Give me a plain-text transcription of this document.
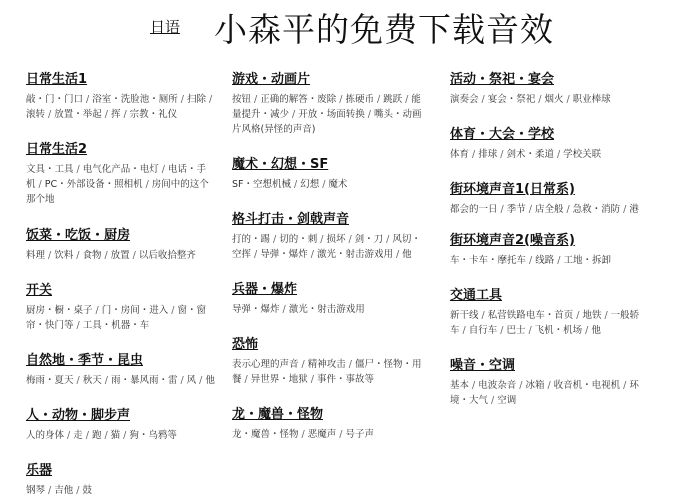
日语 小森平的免费下载音效
日常生活1
敲・门・门口 / 浴室・洗脸池・厕所 / 扫除 /滚转 / 放置・举起 / 挥 / 宗教・礼仪
日常生活2
文具・工具 / 电气化产品・电灯 / 电话・手机 / PC・外部设备・照相机 / 房间中的这个那个地
饭菜・吃饭・厨房
料理 / 饮料 / 食物 / 放置 / 以后收拾整齐
开关
厨房・橱・桌子 / 门・房间・进入 / 窗・窗帘・快门等 / 工具・机器・车
自然地・季节・昆虫
梅雨・夏天 / 秋天 / 雨・暴风雨・雷 / 风 / 他
人・动物・脚步声
人的身体 / 走 / 跑 / 猫 / 狗・乌鸦等
乐器
钢琴 / 吉他 / 鼓
游戏・动画片
按钮 / 正确的解答・废除 / 拣硬币 / 跳跃 / 能量提升・减少 / 开放・场面转换 / 嘴头・动画片风格(异怪的声音)
魔术・幻想・SF
SF・空想机械 / 幻想 / 魔术
格斗打击・剑戟声音
打的・踢 / 切的・刺 / 损坏 / 剑・刀 / 风切・空挥 / 导弹・爆炸 / 激光・射击游戏用 / 他
兵器・爆炸
导弹・爆炸 / 激光・射击游戏用
恐怖
表示心理的声音 / 精神攻击 / 僵尸・怪物・用餐 / 异世界・地狱 / 事件・事故等
龙・魔兽・怪物
龙・魔兽・怪物 / 恶魔声 / 号子声
活动・祭祀・宴会
演奏会 / 宴会・祭祀 / 烟火 / 职业棒球
体育・大会・学校
体育 / 排球 / 剑术・柔道 / 学校关联
街环境声音1(日常系)
都会的一日 / 季节 / 店全般 / 急救・消防 / 港
街环境声音2(噪音系)
车・卡车・摩托车 / 线路 / 工地・拆卸
交通工具
新干线 / 私营铁路电车・首页 / 地铁 / 一般轿车 / 自行车 / 巴士 / 飞机・机场 / 他
噪音・空调
基本 / 电波杂音 / 冰箱 / 收音机・电视机 / 环境・大气 / 空调
